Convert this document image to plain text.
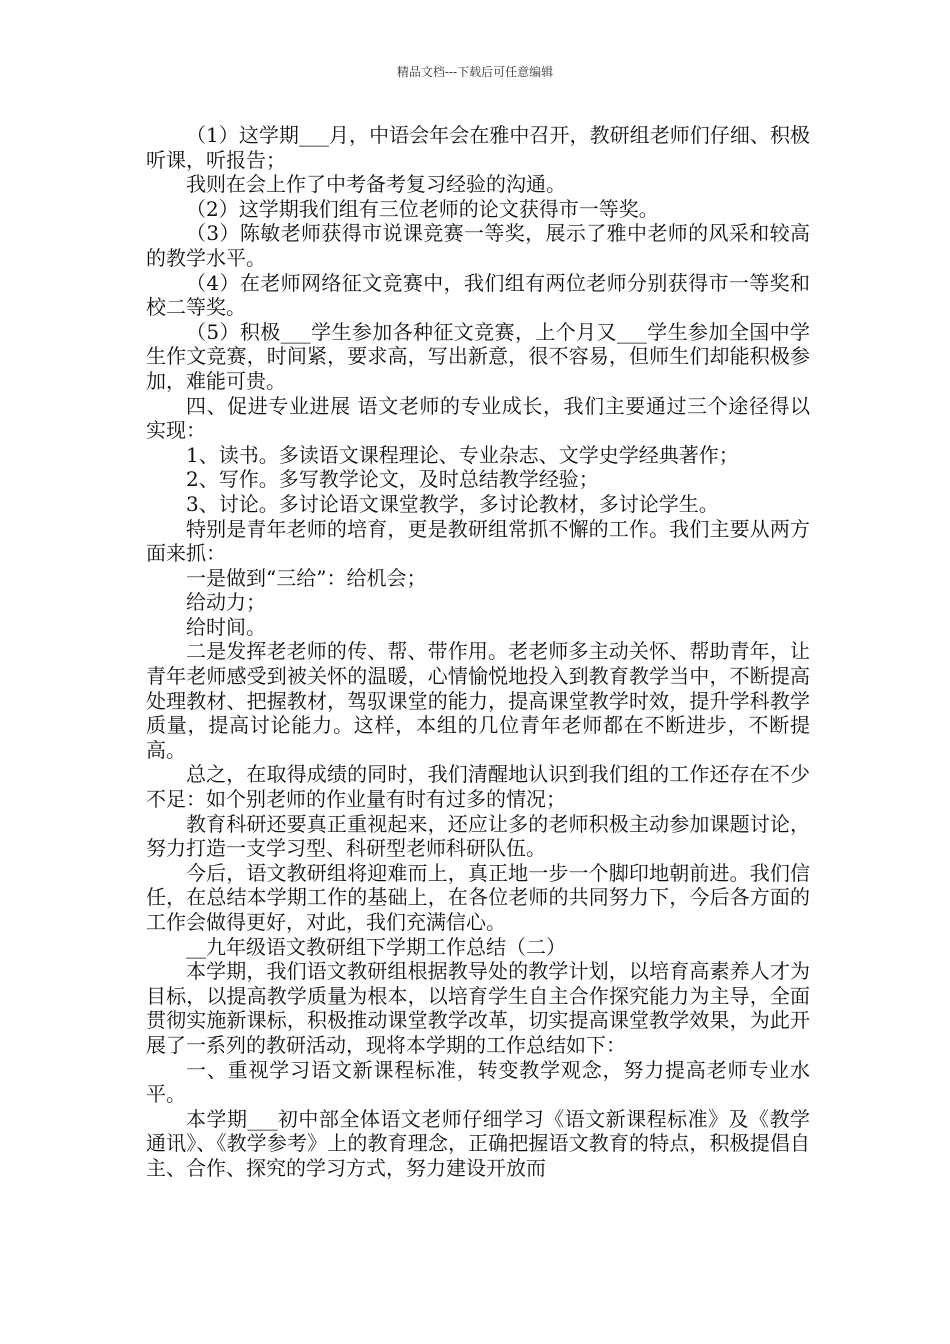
精品文档---下载后可任意编辑

（1）这学期___月，中语会年会在雅中召开，教研组老师们仔细、积极听课，听报告；

我则在会上作了中考备考复习经验的沟通。

（2）这学期我们组有三位老师的论文获得市一等奖。

（3）陈敏老师获得市说课竞赛一等奖，展示了雅中老师的风采和较高的教学水平。

（4）在老师网络征文竞赛中，我们组有两位老师分别获得市一等奖和校二等奖。

（5）积极___学生参加各种征文竞赛，上个月又___学生参加全国中学生作文竞赛，时间紧，要求高，写出新意，很不容易，但师生们却能积极参加，难能可贵。

四、促进专业进展 语文老师的专业成长，我们主要通过三个途径得以实现：

1、读书。多读语文课程理论、专业杂志、文学史学经典著作；

2、写作。多写教学论文，及时总结教学经验；

3、讨论。多讨论语文课堂教学，多讨论教材，多讨论学生。

特别是青年老师的培育，更是教研组常抓不懈的工作。我们主要从两方面来抓：

一是做到“三给”：给机会；

给动力；

给时间。

二是发挥老老师的传、帮、带作用。老老师多主动关怀、帮助青年，让青年老师感受到被关怀的温暖，心情愉悦地投入到教育教学当中，不断提高处理教材、把握教材，驾驭课堂的能力，提高课堂教学时效，提升学科教学质量，提高讨论能力。这样，本组的几位青年老师都在不断进步，不断提高。

总之，在取得成绩的同时，我们清醒地认识到我们组的工作还存在不少不足：如个别老师的作业量有时有过多的情况；

教育科研还要真正重视起来，还应让多的老师积极主动参加课题讨论，努力打造一支学习型、科研型老师科研队伍。

今后，语文教研组将迎难而上，真正地一步一个脚印地朝前进。我们信任，在总结本学期工作的基础上，在各位老师的共同努力下，今后各方面的工作会做得更好，对此，我们充满信心。

__九年级语文教研组下学期工作总结（二）

本学期，我们语文教研组根据教导处的教学计划，以培育高素养人才为目标，以提高教学质量为根本，以培育学生自主合作探究能力为主导，全面贯彻实施新课标，积极推动课堂教学改革，切实提高课堂教学效果，为此开展了一系列的教研活动，现将本学期的工作总结如下：

一、重视学习语文新课程标准，转变教学观念，努力提高老师专业水平。

本学期___初中部全体语文老师仔细学习《语文新课程标准》及《教学通讯》、《教学参考》上的教育理念，正确把握语文教育的特点，积极提倡自主、合作、探究的学习方式，努力建设开放而
